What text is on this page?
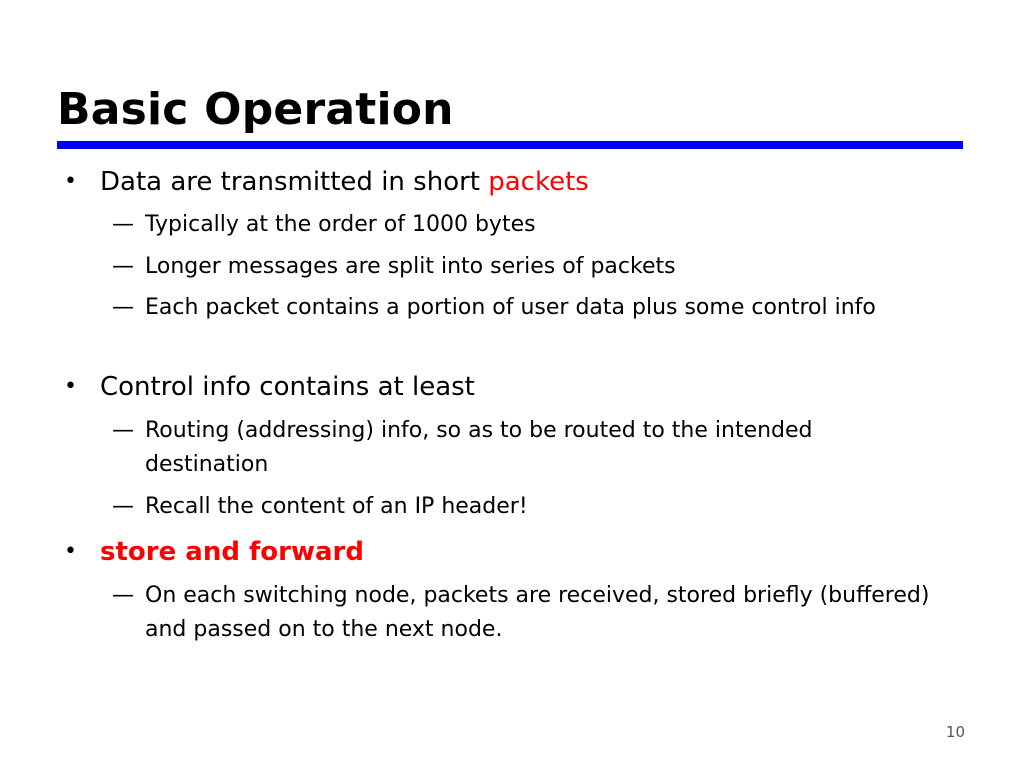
Basic Operation
• Data are transmitted in short packets
— Typically at the order of 1000 bytes
— Longer messages are split into series of packets
— Each packet contains a portion of user data plus some control info
• Control info contains at least
— Routing (addressing) info, so as to be routed to the intended destination
— Recall the content of an IP header!
• store and forward
— On each switching node, packets are received, stored briefly (buffered) and passed on to the next node.
10
